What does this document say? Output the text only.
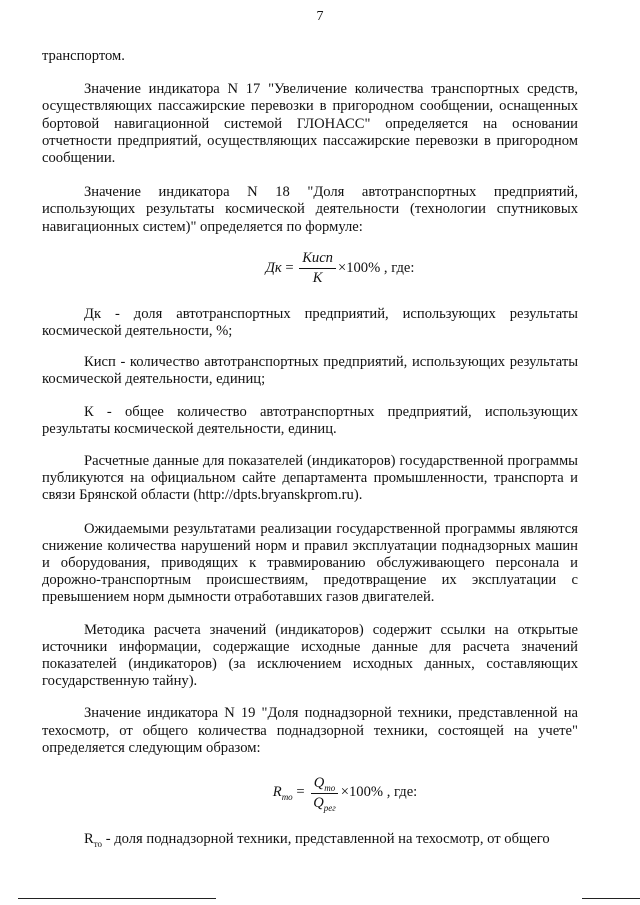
7

транспортом.

Значение индикатора N 17 "Увеличение количества транспортных средств, осуществляющих пассажирские перевозки в пригородном сообщении, оснащенных бортовой навигационной системой ГЛОНАСС" определяется на основании отчетности предприятий, осуществляющих пассажирские перевозки в пригородном сообщении.

Значение индикатора N 18 "Доля автотранспортных предприятий, использующих результаты космической деятельности (технологии спутниковых навигационных систем)" определяется по формуле:

Дк = $\frac{\text{Кисп}}{К} \times 100\%$ , где:

Дк - доля автотранспортных предприятий, использующих результаты космической деятельности, %;

Кисп - количество автотранспортных предприятий, использующих результаты космической деятельности, единиц;

К - общее количество автотранспортных предприятий, использующих результаты космической деятельности, единиц.

Расчетные данные для показателей (индикаторов) государственной программы публикуются на официальном сайте департамента промышленности, транспорта и связи Брянской области (http://dpts.bryanskprom.ru).

Ожидаемыми результатами реализации государственной программы являются снижение количества нарушений норм и правил эксплуатации поднадзорных машин и оборудования, приводящих к травмированию обслуживающего персонала и дорожно-транспортным происшествиям, предотвращение их эксплуатации с превышением норм дымности отработавших газов двигателей.

Методика расчета значений (индикаторов) содержит ссылки на открытые источники информации, содержащие исходные данные для расчета значений показателей (индикаторов) (за исключением исходных данных, составляющих государственную тайну).

Значение индикатора N 19 "Доля поднадзорной техники, представленной на техосмотр, от общего количества поднадзорной техники, состоящей на учете" определяется следующим образом:

$R_{то} = \frac{Q_{то}}{Q_{рег}} \times 100\%$ , где:

$R_{то}$ - доля поднадзорной техники, представленной на техосмотр, от общего
